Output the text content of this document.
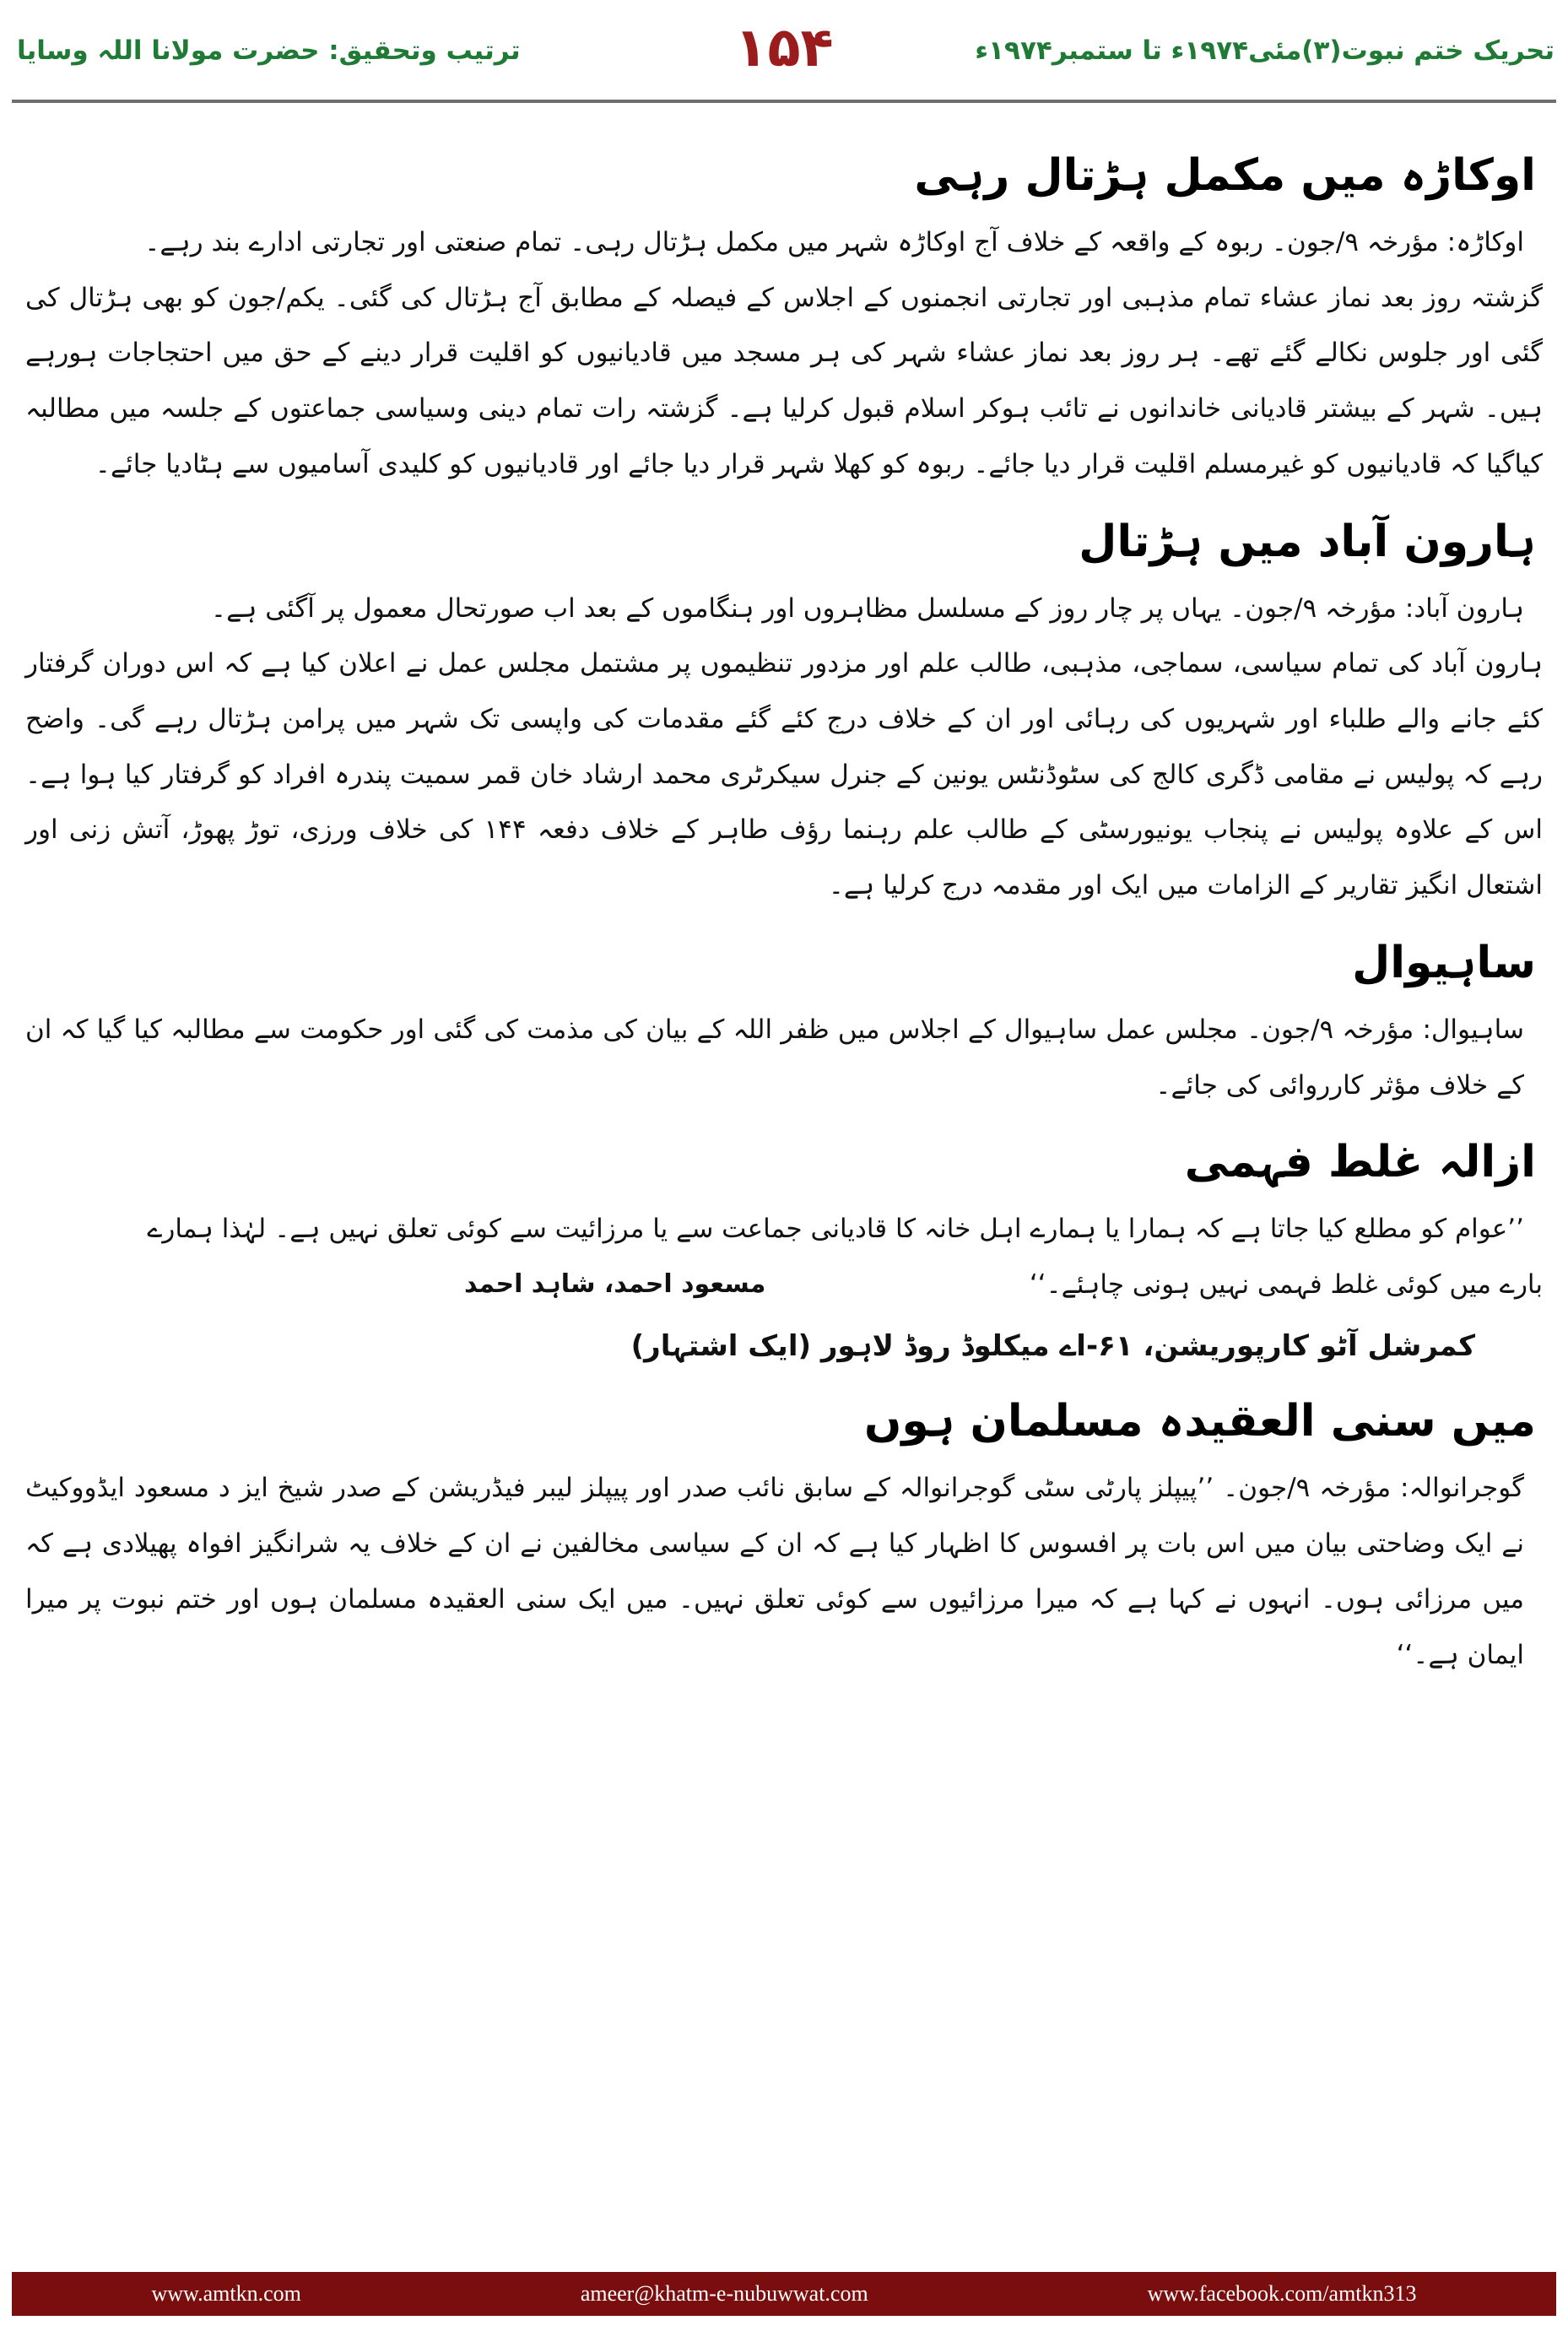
ترتیب وتحقیق: حضرت مولانا اللہ وسایا	۱۵۴	تحریک ختم نبوت(۳)مئی۱۹۷۴ء تا ستمبر۱۹۷۴ء
اوکاڑہ میں مکمل ہڑتال رہی

اوکاڑہ: مؤرخہ ۹/جون۔ ربوہ کے واقعہ کے خلاف آج اوکاڑہ شہر میں مکمل ہڑتال رہی۔ تمام صنعتی اور تجارتی ادارے بند رہے۔

گزشتہ روز بعد نماز عشاء تمام مذہبی اور تجارتی انجمنوں کے اجلاس کے فیصلہ کے مطابق آج ہڑتال کی گئی۔ یکم/جون کو بھی ہڑتال کی گئی اور جلوس نکالے گئے تھے۔ ہر روز بعد نماز عشاء شہر کی ہر مسجد میں قادیانیوں کو اقلیت قرار دینے کے حق میں احتجاجات ہورہے ہیں۔ شہر کے بیشتر قادیانی خاندانوں نے تائب ہوکر اسلام قبول کرلیا ہے۔ گزشتہ رات تمام دینی وسیاسی جماعتوں کے جلسہ میں مطالبہ کیاگیا کہ قادیانیوں کو غیرمسلم اقلیت قرار دیا جائے۔ ربوہ کو کھلا شہر قرار دیا جائے اور قادیانیوں کو کلیدی آسامیوں سے ہٹادیا جائے۔

ہارون آباد میں ہڑتال

ہارون آباد: مؤرخہ ۹/جون۔ یہاں پر چار روز کے مسلسل مظاہروں اور ہنگاموں کے بعد اب صورتحال معمول پر آگئی ہے۔

ہارون آباد کی تمام سیاسی، سماجی، مذہبی، طالب علم اور مزدور تنظیموں پر مشتمل مجلس عمل نے اعلان کیا ہے کہ اس دوران گرفتار کئے جانے والے طلباء اور شہریوں کی رہائی اور ان کے خلاف درج کئے گئے مقدمات کی واپسی تک شہر میں پرامن ہڑتال رہے گی۔ واضح رہے کہ پولیس نے مقامی ڈگری کالج کی سٹوڈنٹس یونین کے جنرل سیکرٹری محمد ارشاد خان قمر سمیت پندرہ افراد کو گرفتار کیا ہوا ہے۔ اس کے علاوہ پولیس نے پنجاب یونیورسٹی کے طالب علم رہنما رؤف طاہر کے خلاف دفعہ ۱۴۴ کی خلاف ورزی، توڑ پھوڑ، آتش زنی اور اشتعال انگیز تقاریر کے الزامات میں ایک اور مقدمہ درج کرلیا ہے۔

ساہیوال

ساہیوال: مؤرخہ ۹/جون۔ مجلس عمل ساہیوال کے اجلاس میں ظفر اللہ کے بیان کی مذمت کی گئی اور حکومت سے مطالبہ کیا گیا کہ ان کے خلاف مؤثر کارروائی کی جائے۔

ازالہ غلط فہمی

’’عوام کو مطلع کیا جاتا ہے کہ ہمارا یا ہمارے اہل خانہ کا قادیانی جماعت سے یا مرزائیت سے کوئی تعلق نہیں ہے۔ لہٰذا ہمارے

بارے میں کوئی غلط فہمی نہیں ہونی چاہئے۔‘‘
مسعود احمد، شاہد احمد
کمرشل آٹو کارپوریشن، ۶۱-اے میکلوڈ روڈ لاہور (ایک اشتہار)
میں سنی العقیدہ مسلمان ہوں

گوجرانوالہ: مؤرخہ ۹/جون۔ ’’پیپلز پارٹی سٹی گوجرانوالہ کے سابق نائب صدر اور پیپلز لیبر فیڈریشن کے صدر شیخ ایز د مسعود ایڈووکیٹ نے ایک وضاحتی بیان میں اس بات پر افسوس کا اظہار کیا ہے کہ ان کے سیاسی مخالفین نے ان کے خلاف یہ شرانگیز افواہ پھیلادی ہے کہ میں مرزائی ہوں۔ انہوں نے کہا ہے کہ میرا مرزائیوں سے کوئی تعلق نہیں۔ میں ایک سنی العقیدہ مسلمان ہوں اور ختم نبوت پر میرا ایمان ہے۔‘‘

www.amtkn.com	ameer@khatm-e-nubuwwat.com	www.facebook.com/amtkn313
